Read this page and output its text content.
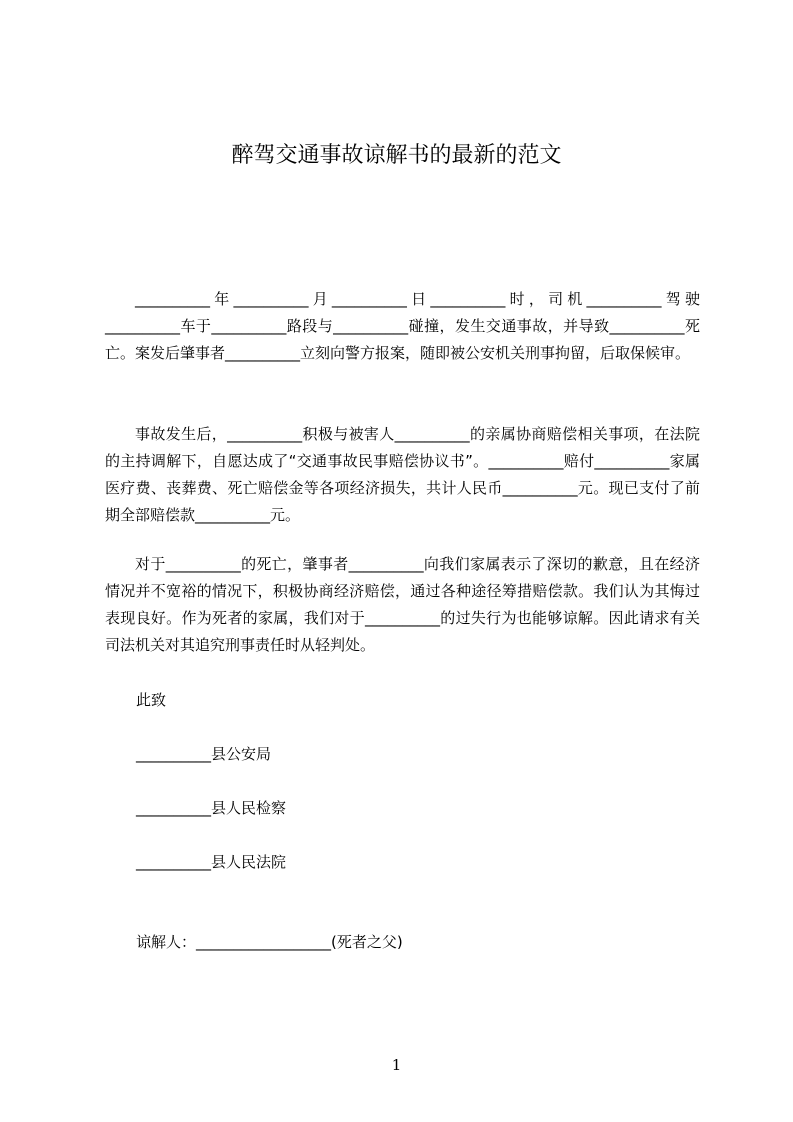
醉驾交通事故谅解书的最新的范文

__________年__________月__________日__________时，司机__________驾驶__________车于__________路段与__________碰撞，发生交通事故，并导致__________死亡。案发后肇事者__________立刻向警方报案，随即被公安机关刑事拘留，后取保候审。

事故发生后，__________积极与被害人__________的亲属协商赔偿相关事项，在法院的主持调解下，自愿达成了“交通事故民事赔偿协议书”。__________赔付__________家属医疗费、丧葬费、死亡赔偿金等各项经济损失，共计人民币__________元。现已支付了前期全部赔偿款__________元。

对于__________的死亡，肇事者__________向我们家属表示了深切的歉意，且在经济情况并不宽裕的情况下，积极协商经济赔偿，通过各种途径筹措赔偿款。我们认为其悔过表现良好。作为死者的家属，我们对于__________的过失行为也能够谅解。因此请求有关司法机关对其追究刑事责任时从轻判处。

此致
__________县公安局
__________县人民检察
__________县人民法院
谅解人：__________________(死者之父)
1
